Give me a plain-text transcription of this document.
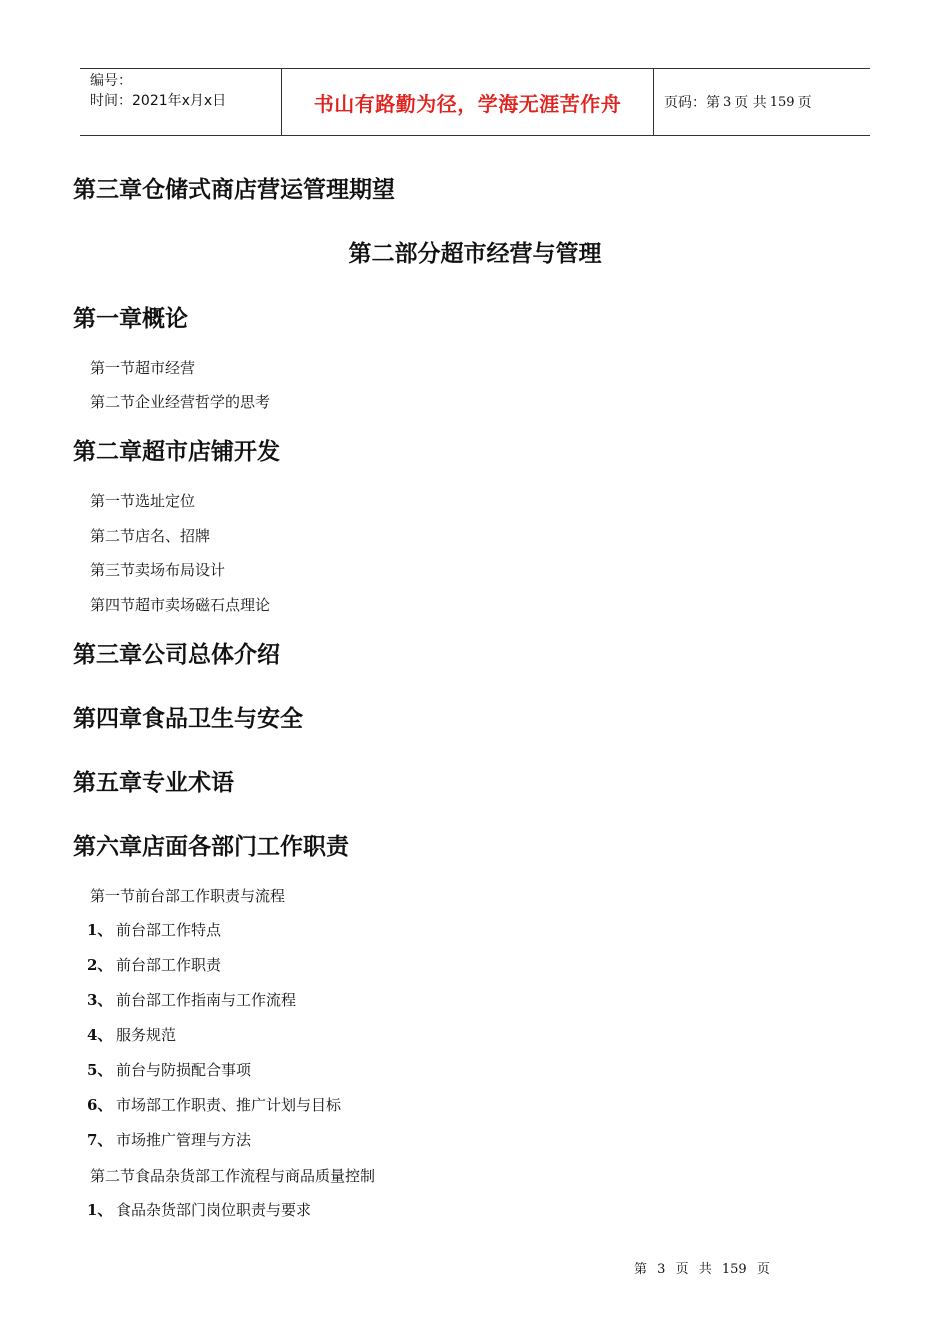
编号：
时间：2021年x月x日	书山有路勤为径，学海无涯苦作舟	页码：第 3 页 共 159 页
第三章仓储式商店营运管理期望
第二部分超市经营与管理
第一章概论
第一节超市经营
第二节企业经营哲学的思考
第二章超市店铺开发
第一节选址定位
第二节店名、招牌
第三节卖场布局设计
第四节超市卖场磁石点理论
第三章公司总体介绍
第四章食品卫生与安全
第五章专业术语
第六章店面各部门工作职责
第一节前台部工作职责与流程
1、 前台部工作特点
2、 前台部工作职责
3、 前台部工作指南与工作流程
4、 服务规范
5、 前台与防损配合事项
6、 市场部工作职责、推广计划与目标
7、 市场推广管理与方法
第二节食品杂货部工作流程与商品质量控制
1、 食品杂货部门岗位职责与要求
第 3 页 共 159 页
